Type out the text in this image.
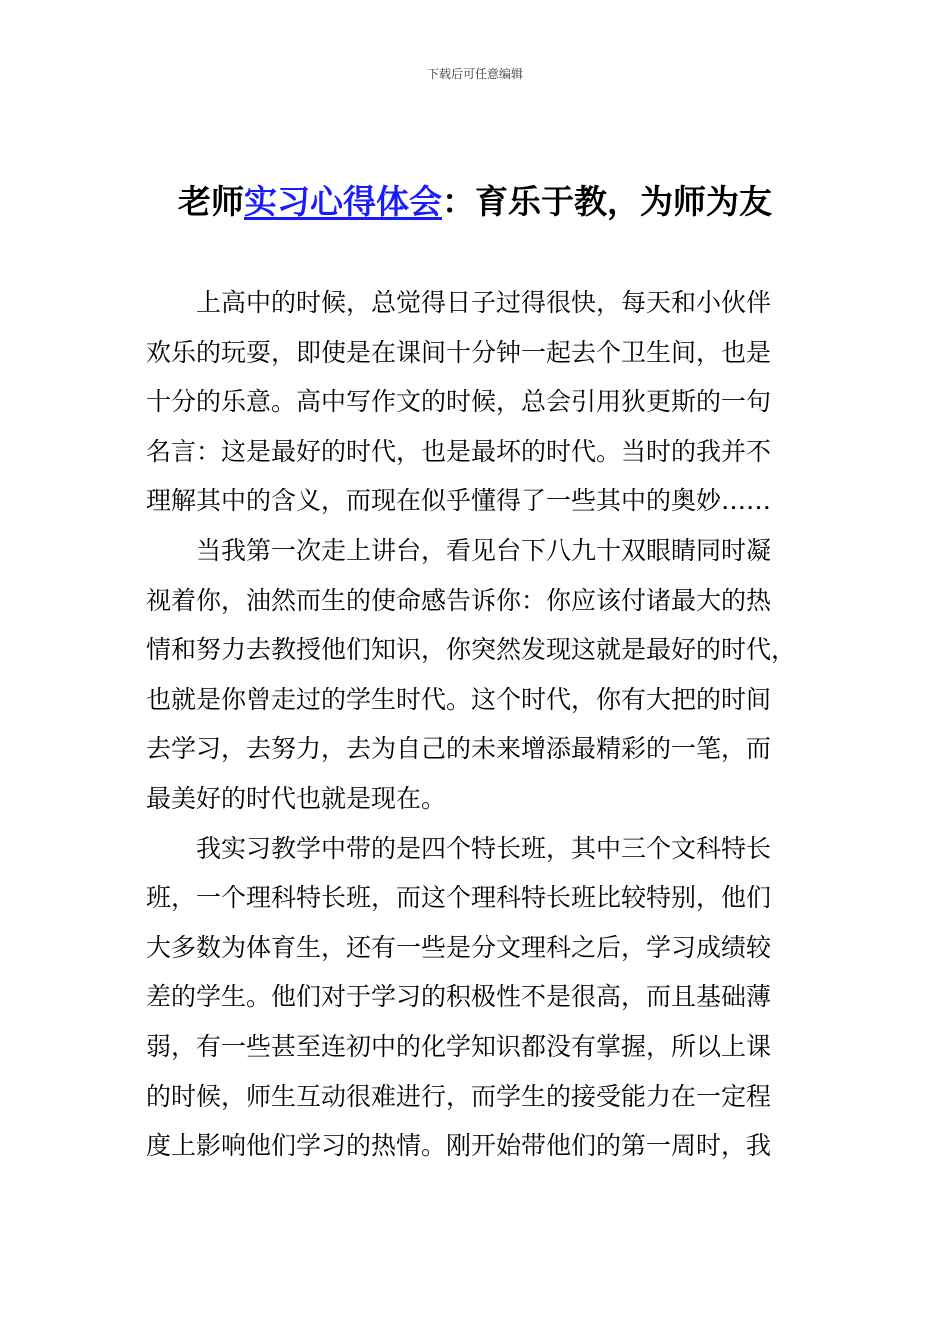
下载后可任意编辑
老师实习心得体会：育乐于教，为师为友

上高中的时候，总觉得日子过得很快，每天和小伙伴
欢乐的玩耍，即使是在课间十分钟一起去个卫生间，也是
十分的乐意。高中写作文的时候，总会引用狄更斯的一句
名言：这是最好的时代，也是最坏的时代。当时的我并不
理解其中的含义，而现在似乎懂得了一些其中的奥妙……

当我第一次走上讲台，看见台下八九十双眼睛同时凝
视着你，油然而生的使命感告诉你：你应该付诸最大的热
情和努力去教授他们知识，你突然发现这就是最好的时代，
也就是你曾走过的学生时代。这个时代，你有大把的时间
去学习，去努力，去为自己的未来增添最精彩的一笔，而
最美好的时代也就是现在。

我实习教学中带的是四个特长班，其中三个文科特长
班，一个理科特长班，而这个理科特长班比较特别，他们
大多数为体育生，还有一些是分文理科之后，学习成绩较
差的学生。他们对于学习的积极性不是很高，而且基础薄
弱，有一些甚至连初中的化学知识都没有掌握，所以上课
的时候，师生互动很难进行，而学生的接受能力在一定程
度上影响他们学习的热情。刚开始带他们的第一周时，我
